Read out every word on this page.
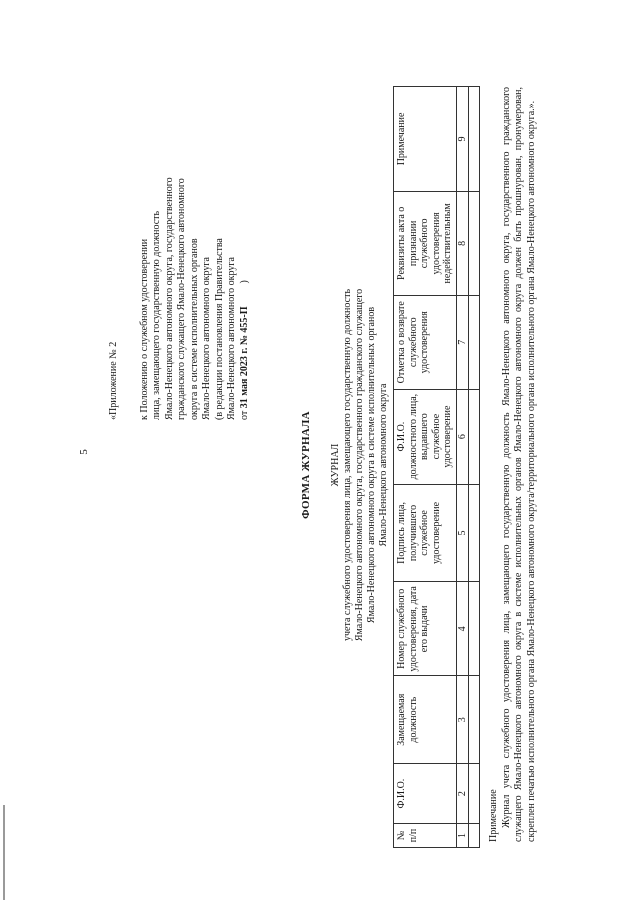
5
«Приложение № 2 к Положению о служебном удостоверении лица, замещающего государственную должность Ямало-Ненецкого автономного округа, государственного гражданского служащего Ямало-Ненецкого автономного округа в системе исполнительных органов Ямало-Ненецкого автономного округа (в редакции постановления Правительства Ямало-Ненецкого автономного округа от 31 мая 2023 г. № 455-П  )
ФОРМА ЖУРНАЛА ЖУРНАЛ учета служебного удостоверения лица, замещающего государственную должность Ямало-Ненецкого автономного округа, государственного гражданского служащего Ямало-Ненецкого автономного округа в системе исполнительных органов Ямало-Ненецкого автономного округа
№ п/п	Ф.И.О.	Замещаемая должность	Номер служебного удостоверения, дата его выдачи	Подпись лица, получившего служебное удостоверение	Ф.И.О. должностного лица, выдавшего служебное удостоверение	Отметка о возврате служебного удостоверения	Реквизиты акта о признании служебного удостоверения недействительным	Примечание
1	2	3	4	5	6	7	8	9

Примечание Журнал учета служебного удостоверения лица, замещающего государственную должность Ямало-Ненецкого автономного округа, государственного гражданского служащего Ямало-Ненецкого автономного округа в системе исполнительных органов Ямало-Ненецкого автономного округа должен быть прошнурован, пронумерован, скреплен печатью исполнительного органа Ямало-Ненецкого автономного округа/территориального органа исполнительного органа Ямало-Ненецкого автономного округа.».
